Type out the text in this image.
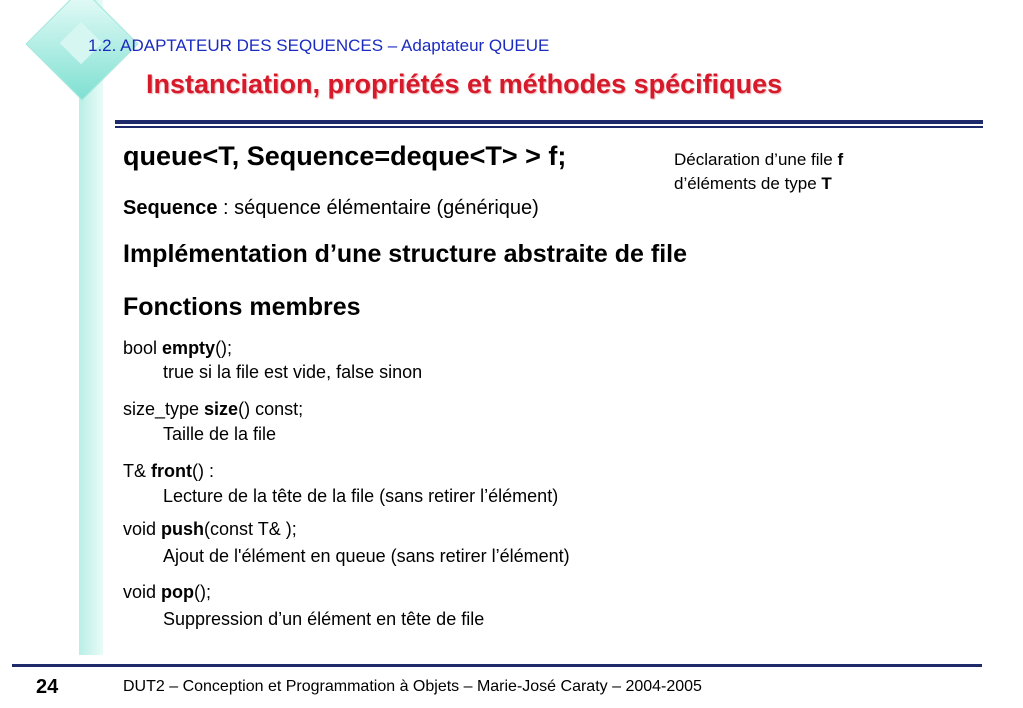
1.2. ADAPTATEUR DES SEQUENCES – Adaptateur QUEUE
Instanciation, propriétés et méthodes spécifiques
queue<T, Sequence=deque<T> > f;	Déclaration d’une file f
d’éléments de type T
Sequence : séquence élémentaire (générique)
Implémentation d’une structure abstraite de file
Fonctions membres
bool empty();
true si la file est vide, false sinon
size_type size() const;
Taille de la file
T& front() :
Lecture de la tête de la file (sans retirer l’élément)
void push(const T& );
Ajout de l'élément en queue (sans retirer l’élément)
void pop();
Suppression d’un élément en tête de file
24	DUT2 – Conception et Programmation à Objets – Marie-José Caraty – 2004-2005
